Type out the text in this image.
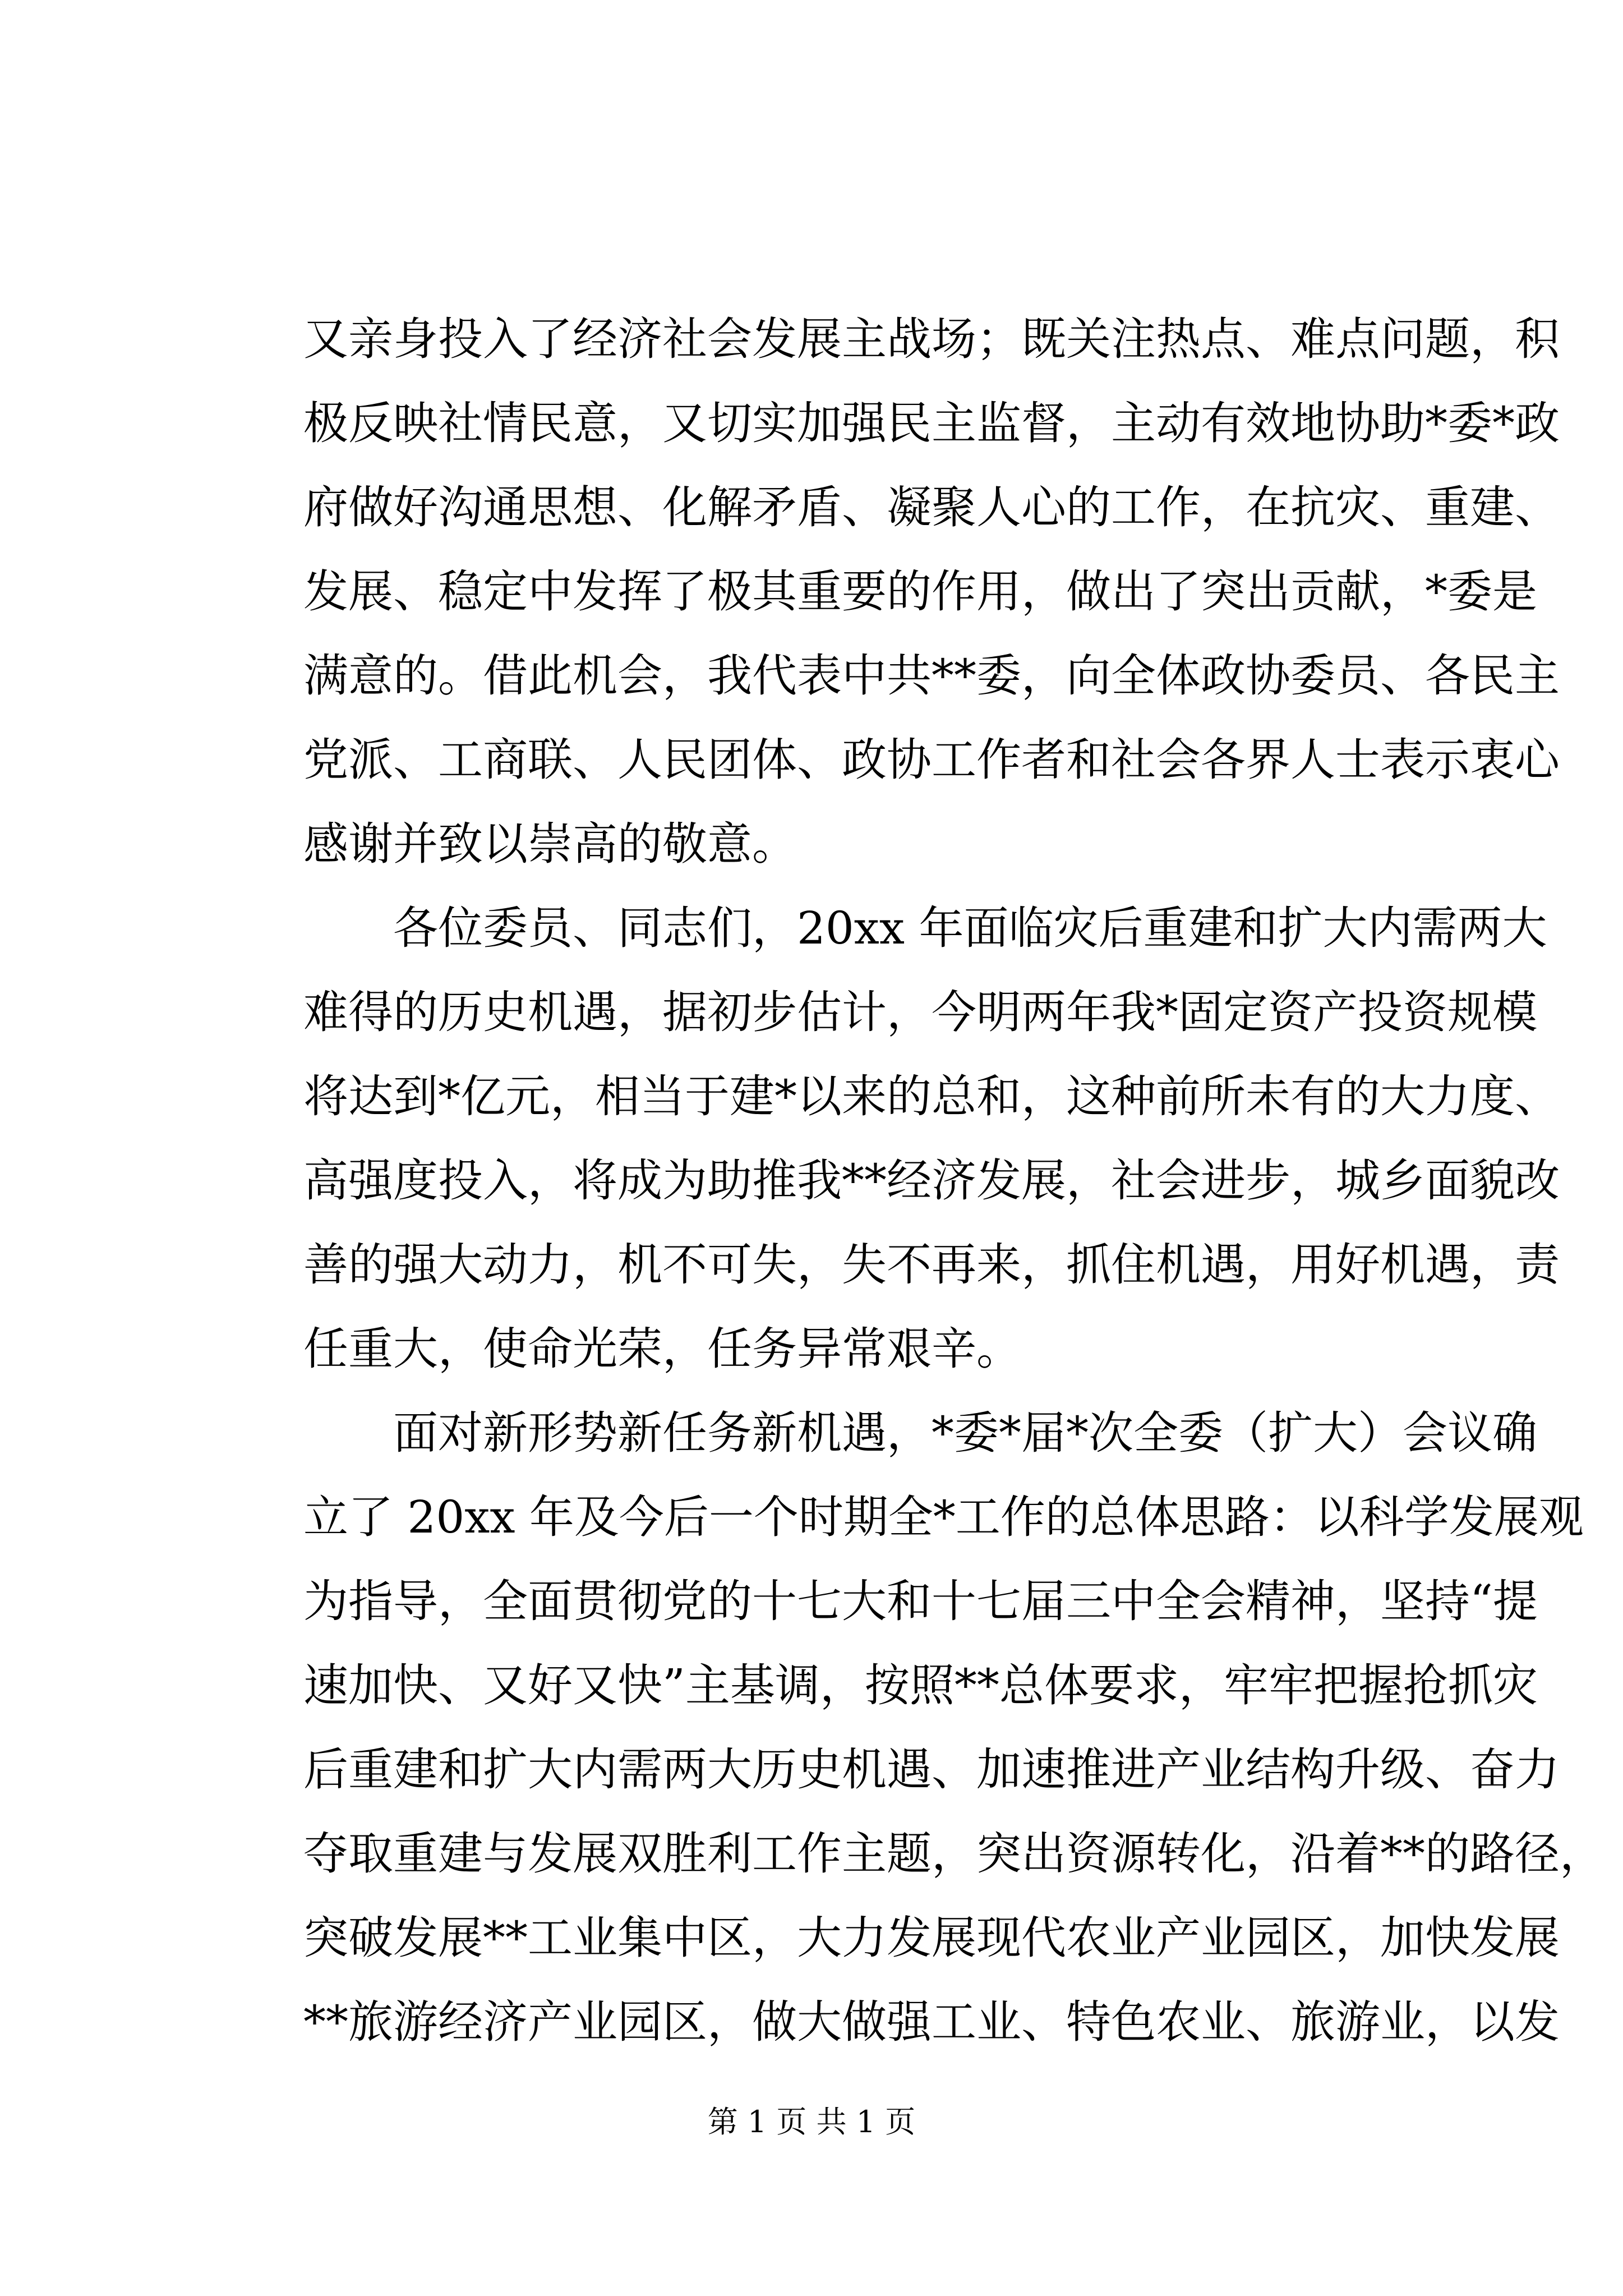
又亲身投入了经济社会发展主战场；既关注热点、难点问题，积
极反映社情民意，又切实加强民主监督，主动有效地协助*委*政
府做好沟通思想、化解矛盾、凝聚人心的工作，在抗灾、重建、
发展、稳定中发挥了极其重要的作用，做出了突出贡献，*委是
满意的。借此机会，我代表中共**委，向全体政协委员、各民主
党派、工商联、人民团体、政协工作者和社会各界人士表示衷心
感谢并致以崇高的敬意。
各位委员、同志们，20xx 年面临灾后重建和扩大内需两大
难得的历史机遇，据初步估计，今明两年我*固定资产投资规模
将达到*亿元，相当于建*以来的总和，这种前所未有的大力度、
高强度投入，将成为助推我**经济发展，社会进步，城乡面貌改
善的强大动力，机不可失，失不再来，抓住机遇，用好机遇，责
任重大，使命光荣，任务异常艰辛。
面对新形势新任务新机遇，*委*届*次全委（扩大）会议确
立了 20xx 年及今后一个时期全*工作的总体思路：以科学发展观
为指导，全面贯彻党的十七大和十七届三中全会精神，坚持“提
速加快、又好又快”主基调，按照**总体要求，牢牢把握抢抓灾
后重建和扩大内需两大历史机遇、加速推进产业结构升级、奋力
夺取重建与发展双胜利工作主题，突出资源转化，沿着**的路径，
突破发展**工业集中区，大力发展现代农业产业园区，加快发展
**旅游经济产业园区，做大做强工业、特色农业、旅游业，以发
第 1 页 共 1 页
